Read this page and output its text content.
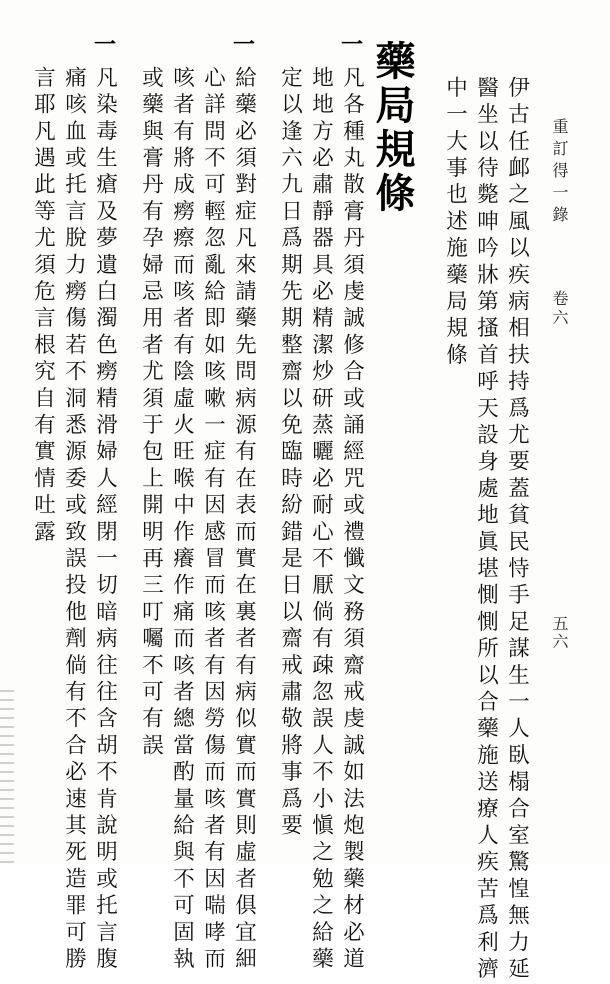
重訂得一錄
卷六
五六
伊古任䘏之風以疾病相扶持爲尤要蓋貧民恃手足謀生一人臥榻合室驚惶無力延
醫坐以待斃呻吟牀第搔首呼天設身處地眞堪惻惻所以合藥施送療人疾苦爲利濟
中一大事也述施藥局規條
藥局規條
一
凡各種丸散膏丹須虔誠修合或誦經咒或禮懺文務須齋戒虔誠如法炮製藥材必道
地地方必肅靜器具必精潔炒研蒸曬必耐心不厭倘有疎忽誤人不小愼之勉之給藥
定以逢六九日爲期先期整齋以免臨時紛錯是日以齋戒肅敬將事爲要
一
給藥必須對症凡來請藥先問病源有在表而實在裏者有病似實而實則虛者俱宜細
心詳問不可輕忽亂給即如咳嗽一症有因感冒而咳者有因勞傷而咳者有因喘哮而
咳者有將成癆瘵而咳者有陰虛火旺喉中作癢作痛而咳者總當酌量給與不可固執
或藥與膏丹有孕婦忌用者尤須于包上開明再三叮囑不可有誤
一
凡染毒生瘡及夢遺白濁色癆精滑婦人經閉一切暗病往往含胡不肯說明或托言腹
痛咳血或托言脫力癆傷若不洞悉源委或致誤投他劑倘有不合必速其死造罪可勝
言耶凡遇此等尤須危言根究自有實情吐露
